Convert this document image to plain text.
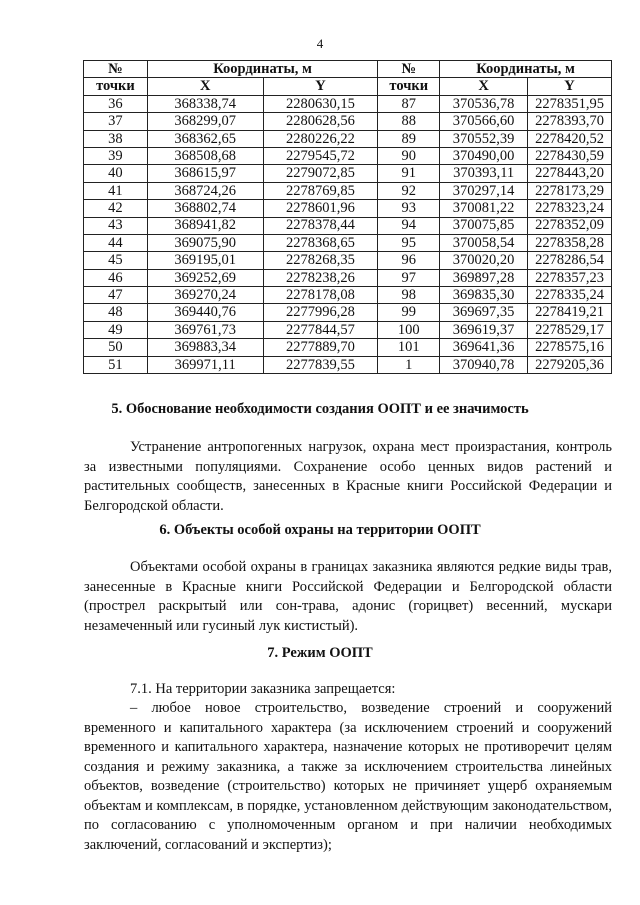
4
№	Координаты, м		№	Координаты, м	
точки	X	Y	точки	X	Y
36	368338,74	2280630,15	87	370536,78	2278351,95
37	368299,07	2280628,56	88	370566,60	2278393,70
38	368362,65	2280226,22	89	370552,39	2278420,52
39	368508,68	2279545,72	90	370490,00	2278430,59
40	368615,97	2279072,85	91	370393,11	2278443,20
41	368724,26	2278769,85	92	370297,14	2278173,29
42	368802,74	2278601,96	93	370081,22	2278323,24
43	368941,82	2278378,44	94	370075,85	2278352,09
44	369075,90	2278368,65	95	370058,54	2278358,28
45	369195,01	2278268,35	96	370020,20	2278286,54
46	369252,69	2278238,26	97	369897,28	2278357,23
47	369270,24	2278178,08	98	369835,30	2278335,24
48	369440,76	2277996,28	99	369697,35	2278419,21
49	369761,73	2277844,57	100	369619,37	2278529,17
50	369883,34	2277889,70	101	369641,36	2278575,16
51	369971,11	2277839,55	1	370940,78	2279205,36
5. Обоснование необходимости создания ООПТ и ее значимость
Устранение антропогенных нагрузок, охрана мест произрастания, контроль за известными популяциями. Сохранение особо ценных видов растений и растительных сообществ, занесенных в Красные книги Российской Федерации и Белгородской области.
6. Объекты особой охраны на территории ООПТ
Объектами особой охраны в границах заказника являются редкие виды трав, занесенные в Красные книги Российской Федерации и Белгородской области (прострел раскрытый или сон-трава, адонис (горицвет) весенний, мускари незамеченный или гусиный лук кистистый).
7. Режим ООПТ
7.1. На территории заказника запрещается:
– любое новое строительство, возведение строений и сооружений временного и капитального характера (за исключением строений и сооружений временного и капитального характера, назначение которых не противоречит целям создания и режиму заказника, а также за исключением строительства линейных объектов, возведение (строительство) которых не причиняет ущерб охраняемым объектам и комплексам, в порядке, установленном действующим законодательством, по согласованию с уполномоченным органом и при наличии необходимых заключений, согласований и экспертиз);
